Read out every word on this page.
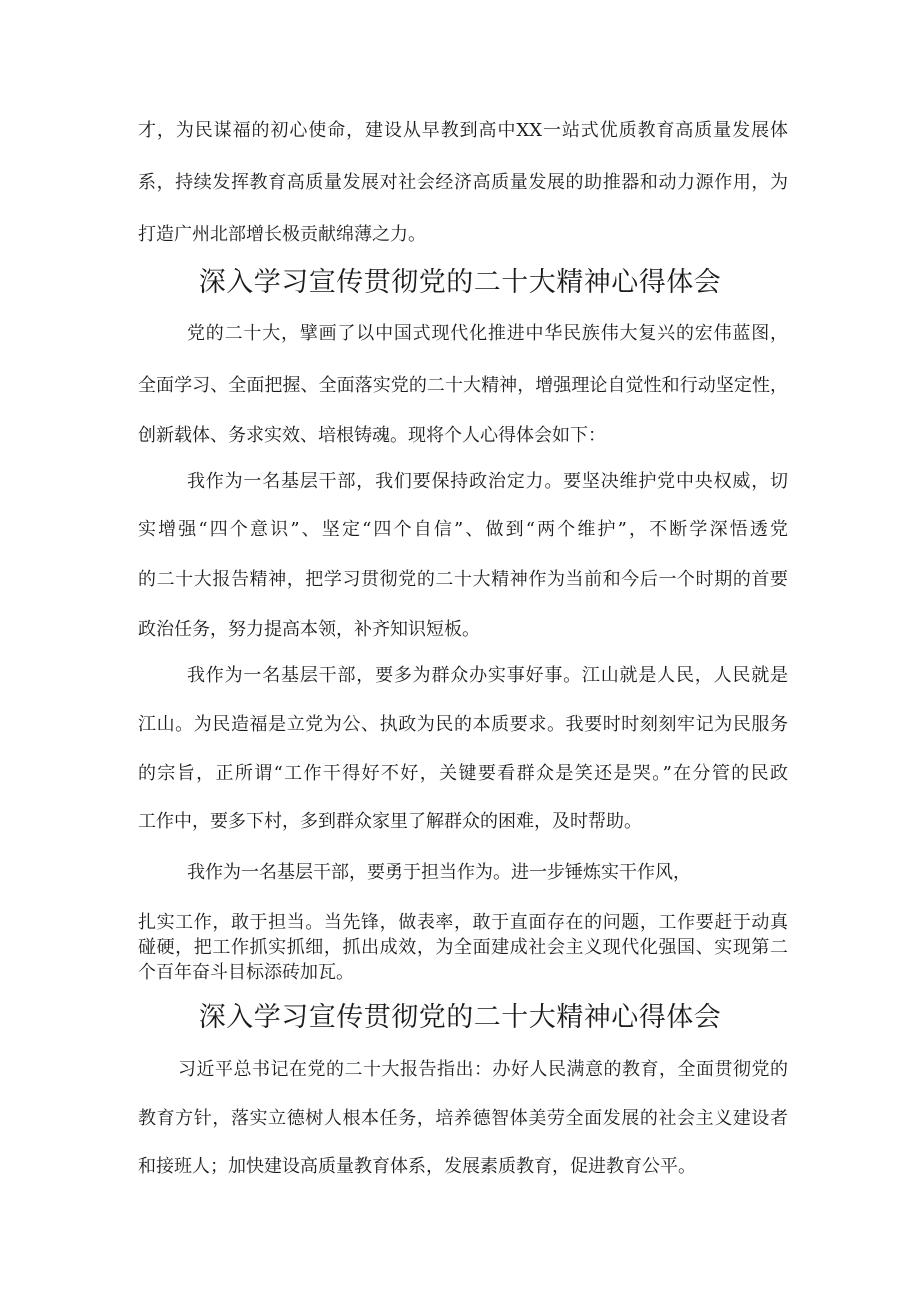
才，为民谋福的初心使命，建设从早教到高中XX一站式优质教育高质量发展体
系，持续发挥教育高质量发展对社会经济高质量发展的助推器和动力源作用，为
打造广州北部增长极贡献绵薄之力。
深入学习宣传贯彻党的二十大精神心得体会
党的二十大，擘画了以中国式现代化推进中华民族伟大复兴的宏伟蓝图，
全面学习、全面把握、全面落实党的二十大精神，增强理论自觉性和行动坚定性，
创新载体、务求实效、培根铸魂。现将个人心得体会如下：
我作为一名基层干部，我们要保持政治定力。要坚决维护党中央权威，切
实增强“四个意识”、坚定“四个自信”、做到“两个维护”，不断学深悟透党
的二十大报告精神，把学习贯彻党的二十大精神作为当前和今后一个时期的首要
政治任务，努力提高本领，补齐知识短板。
我作为一名基层干部，要多为群众办实事好事。江山就是人民，人民就是
江山。为民造福是立党为公、执政为民的本质要求。我要时时刻刻牢记为民服务
的宗旨，正所谓“工作干得好不好，关键要看群众是笑还是哭。”在分管的民政
工作中，要多下村，多到群众家里了解群众的困难，及时帮助。
我作为一名基层干部，要勇于担当作为。进一步锤炼实干作风，
扎实工作，敢于担当。当先锋，做表率，敢于直面存在的问题，工作要赶于动真
碰硬，把工作抓实抓细，抓出成效，为全面建成社会主义现代化强国、实现第二
个百年奋斗目标添砖加瓦。
深入学习宣传贯彻党的二十大精神心得体会
习近平总书记在党的二十大报告指出：办好人民满意的教育，全面贯彻党的
教育方针，落实立德树人根本任务，培养德智体美劳全面发展的社会主义建设者
和接班人；加快建设高质量教育体系，发展素质教育，促进教育公平。
